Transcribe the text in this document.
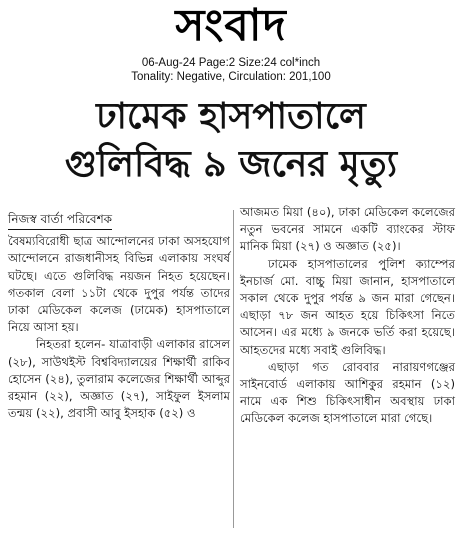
সংবাদ
06-Aug-24 Page:2 Size:24 col*inch
Tonality: Negative, Circulation: 201,100
ঢামেক হাসপাতালে
গুলিবিদ্ধ ৯ জনের মৃত্যু
নিজস্ব বার্তা পরিবেশক

বৈষম্যবিরোধী ছাত্র আন্দোলনের ঢাকা অসহযোগ আন্দোলনে রাজধানীসহ বিভিন্ন এলাকায় সংঘর্ষ ঘটছে। এতে গুলিবিদ্ধ নয়জন নিহত হয়েছেন। গতকাল বেলা ১১টা থেকে দুপুর পর্যন্ত তাদের ঢাকা মেডিকেল কলেজ (ঢামেক) হাসপাতালে নিয়ে আসা হয়।

নিহতরা হলেন- যাত্রাবাড়ী এলাকার রাসেল (২৮), সাউথইস্ট বিশ্ববিদ্যালয়ের শিক্ষার্থী রাকিব হোসেন (২৪), তুলারাম কলেজের শিক্ষার্থী আব্দুর রহমান (২২), অজ্ঞাত (২৭), সাইফুল ইসলাম তন্ময় (২২), প্রবাসী আবু ইসহাক (৫২) ও

আজমত মিয়া (৪০), ঢাকা মেডিকেল কলেজের নতুন ভবনের সামনে একটি ব্যাংকের স্টাফ মানিক মিয়া (২৭) ও অজ্ঞাত (২৫)।

ঢামেক হাসপাতালের পুলিশ ক্যাম্পের ইনচার্জ মো. বাচ্চু মিয়া জানান, হাসপাতালে সকাল থেকে দুপুর পর্যন্ত ৯ জন মারা গেছেন। এছাড়া ৭৮ জন আহত হয়ে চিকিৎসা নিতে আসেন। এর মধ্যে ৯ জনকে ভর্তি করা হয়েছে। আহতদের মধ্যে সবাই গুলিবিদ্ধ।

এছাড়া গত রোববার নারায়ণগঞ্জের সাইনবোর্ড এলাকায় আশিকুর রহমান (১২) নামে এক শিশু চিকিৎসাধীন অবস্থায় ঢাকা মেডিকেল কলেজ হাসপাতালে মারা গেছে।
